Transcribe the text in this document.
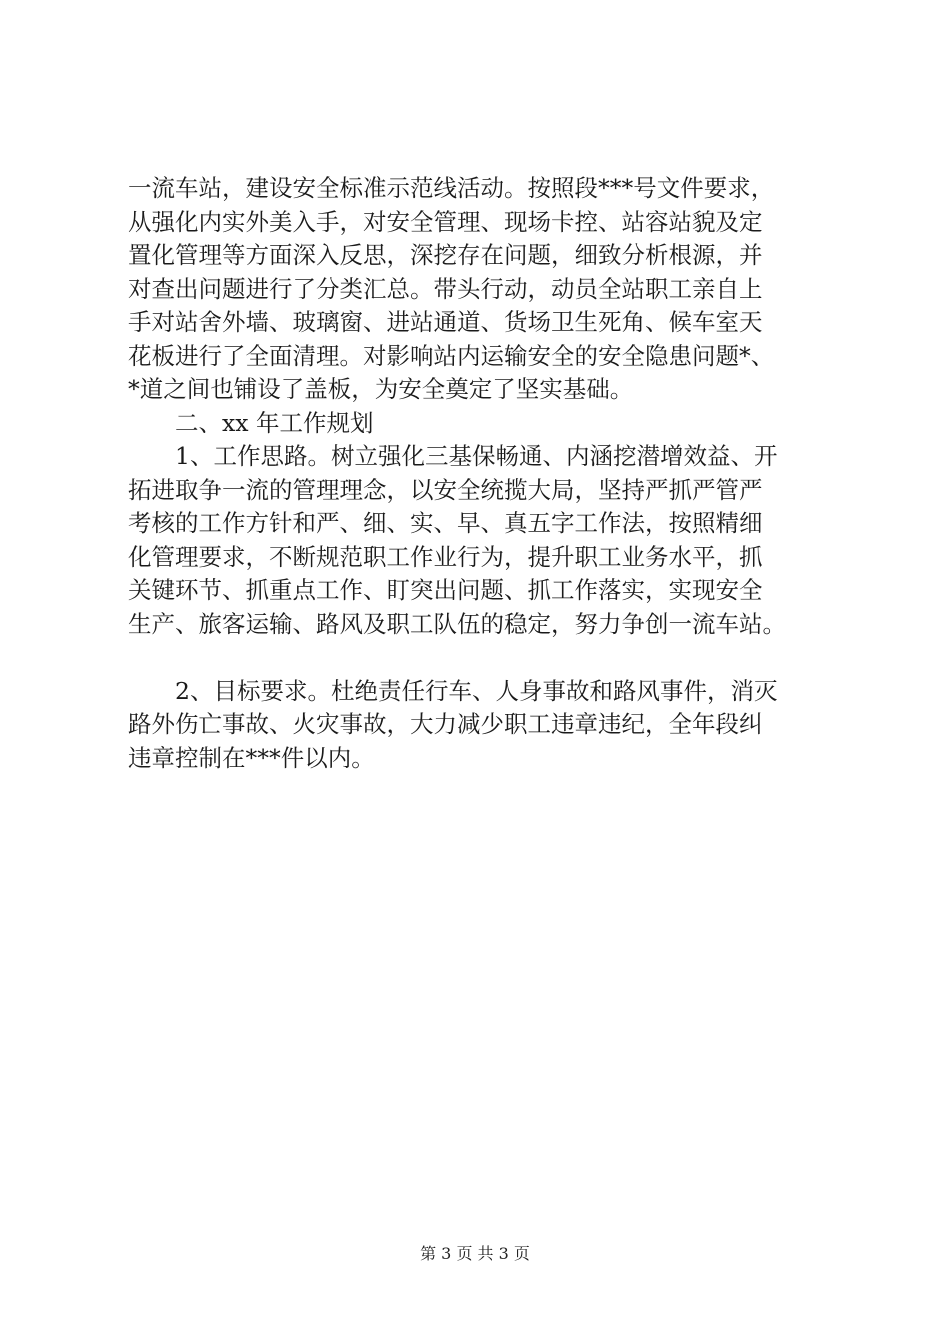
一流车站，建设安全标准示范线活动。按照段***号文件要求，
从强化内实外美入手，对安全管理、现场卡控、站容站貌及定
置化管理等方面深入反思，深挖存在问题，细致分析根源，并
对查出问题进行了分类汇总。带头行动，动员全站职工亲自上
手对站舍外墙、玻璃窗、进站通道、货场卫生死角、候车室天
花板进行了全面清理。对影响站内运输安全的安全隐患问题*、
*道之间也铺设了盖板，为安全奠定了坚实基础。
二、xx 年工作规划
1、工作思路。树立强化三基保畅通、内涵挖潜增效益、开
拓进取争一流的管理理念，以安全统揽大局，坚持严抓严管严
考核的工作方针和严、细、实、早、真五字工作法，按照精细
化管理要求，不断规范职工作业行为，提升职工业务水平，抓
关键环节、抓重点工作、盯突出问题、抓工作落实，实现安全
生产、旅客运输、路风及职工队伍的稳定，努力争创一流车站。
2、目标要求。杜绝责任行车、人身事故和路风事件，消灭
路外伤亡事故、火灾事故，大力减少职工违章违纪，全年段纠
违章控制在***件以内。
第 3 页 共 3 页
